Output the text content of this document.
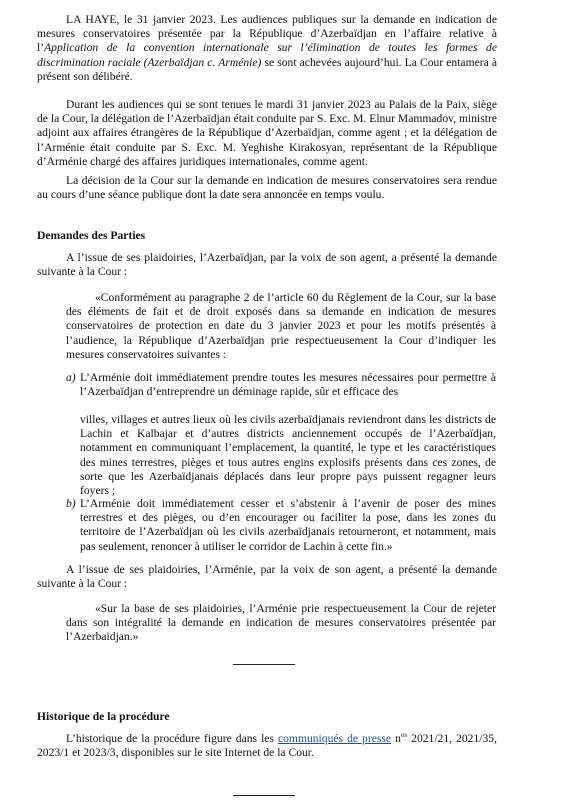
LA HAYE, le 31 janvier 2023. Les audiences publiques sur la demande en indication de mesures conservatoires présentée par la République d’Azerbaïdjan en l’affaire relative à l’Application de la convention internationale sur l’élimination de toutes les formes de discrimination raciale (Azerbaïdjan c. Arménie) se sont achevées aujourd’hui. La Cour entamera à présent son délibéré.

Durant les audiences qui se sont tenues le mardi 31 janvier 2023 au Palais de la Paix, siège de la Cour, la délégation de l’Azerbaïdjan était conduite par S. Exc. M. Elnur Mammadov, ministre adjoint aux affaires étrangères de la République d’Azerbaïdjan, comme agent ; et la délégation de l’Arménie était conduite par S. Exc. M. Yeghishe Kirakosyan, représentant de la République d’Arménie chargé des affaires juridiques internationales, comme agent.

La décision de la Cour sur la demande en indication de mesures conservatoires sera rendue au cours d’une séance publique dont la date sera annoncée en temps voulu.

Demandes des Parties

A l’issue de ses plaidoiries, l’Azerbaïdjan, par la voix de son agent, a présenté la demande suivante à la Cour :

«Conformément au paragraphe 2 de l’article 60 du Règlement de la Cour, sur la base des éléments de fait et de droit exposés dans sa demande en indication de mesures conservatoires de protection en date du 3 janvier 2023 et pour les motifs présentés à l’audience, la République d’Azerbaïdjan prie respectueusement la Cour d’indiquer les mesures conservatoires suivantes :

a) L’Arménie doit immédiatement prendre toutes les mesures nécessaires pour permettre à l’Azerbaïdjan d’entreprendre un déminage rapide, sûr et efficace des

villes, villages et autres lieux où les civils azerbaïdjanais reviendront dans les districts de Lachin et Kalbajar et d’autres districts anciennement occupés de l’Azerbaïdjan, notamment en communiquant l’emplacement, la quantité, le type et les caractéristiques des mines terrestres, pièges et tous autres engins explosifs présents dans ces zones, de sorte que les Azerbaïdjanais déplacés dans leur propre pays puissent regagner leurs foyers ;

b) L’Arménie doit immédiatement cesser et s’abstenir à l’avenir de poser des mines terrestres et des pièges, ou d’en encourager ou faciliter la pose, dans les zones du territoire de l’Azerbaïdjan où les civils azerbaïdjanais retourneront, et notamment, mais pas seulement, renoncer à utiliser le corridor de Lachin à cette fin.»

A l’issue de ses plaidoiries, l’Arménie, par la voix de son agent, a présenté la demande suivante à la Cour :

«Sur la base de ses plaidoiries, l’Arménie prie respectueusement la Cour de rejeter dans son intégralité la demande en indication de mesures conservatoires présentée par l’Azerbaïdjan.»

Historique de la procédure

L’historique de la procédure figure dans les communiqués de presse $n^{os}$ 2021/21, 2021/35, 2023/1 et 2023/3, disponibles sur le site Internet de la Cour.
